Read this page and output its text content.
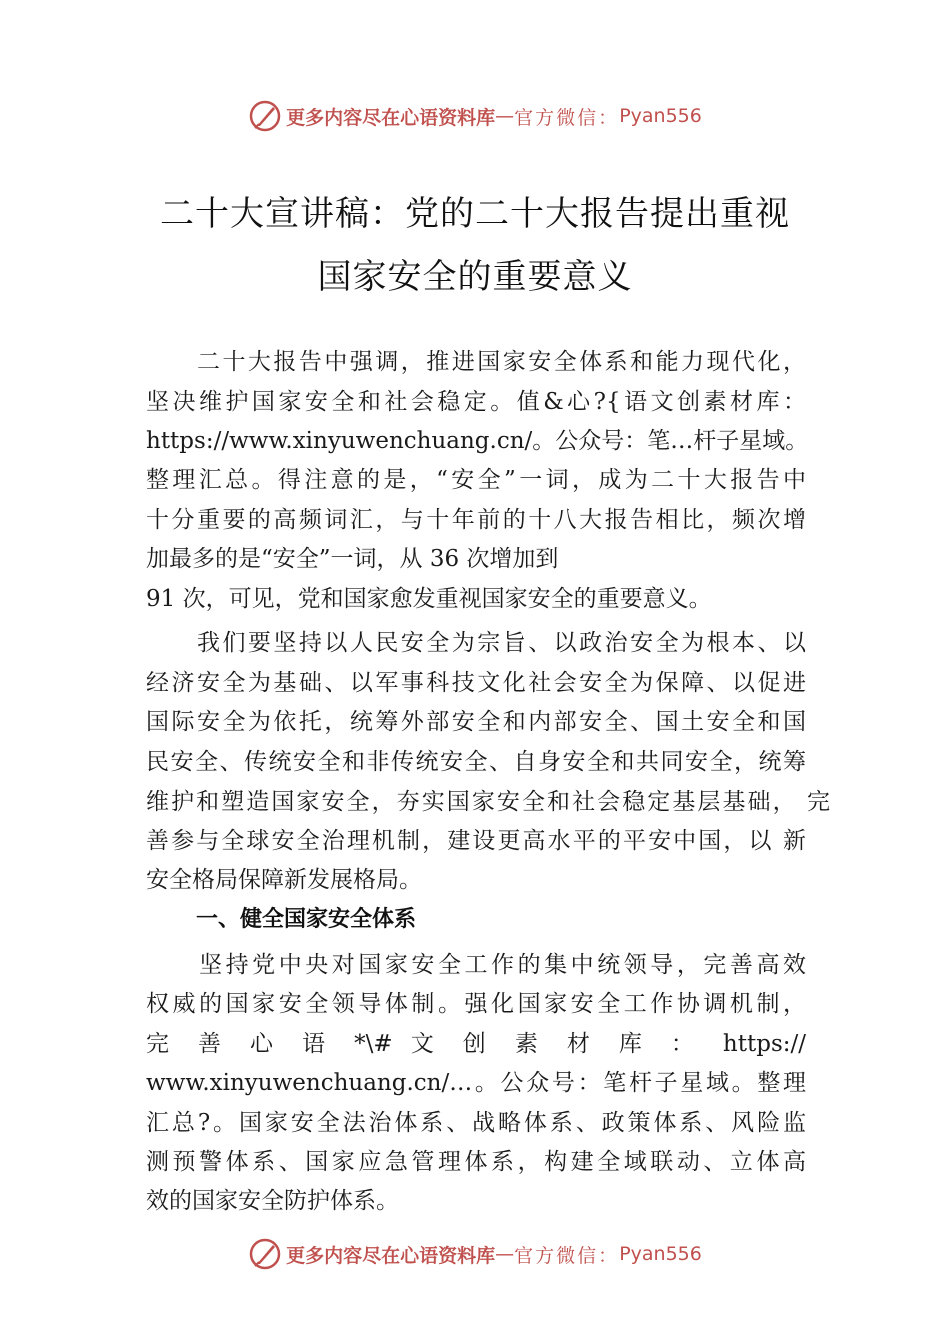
更多内容尽在心语资料库 — 官方微信： Pyan556
二十大宣讲稿：党的二十大报告提出重视
国家安全的重要意义
　　二十大报告中强调，推进国家安全体系和能力现代化，
坚决维护国家安全和社会稳定。值&心?{语文创素材库：
https://www.xinyuwenchuang.cn/。公众号：笔…杆子星域。
整理汇总。得注意的是，“安全”一词，成为二十大报告中
十分重要的高频词汇，与十年前的十八大报告相比，频次增
加最多的是“安全”一词，从 36 次增加到
91 次，可见，党和国家愈发重视国家安全的重要意义。
　　我们要坚持以人民安全为宗旨、以政治安全为根本、以
经济安全为基础、以军事科技文化社会安全为保障、以促进
国际安全为依托，统筹外部安全和内部安全、国土安全和国
民安全、传统安全和非传统安全、自身安全和共同安全，统筹
维护和塑造国家安全，夯实国家安全和社会稳定基层基础， 完
善参与全球安全治理机制，建设更高水平的平安中国，以 新
安全格局保障新发展格局。
一、健全国家安全体系
　　坚持党中央对国家安全工作的集中统领导，完善高效
权威的国家安全领导体制。强化国家安全工作协调机制，
完 善 心 语 *\# 文 创 素 材 库 ： https://
www.xinyuwenchuang.cn/…。公众号：笔杆子星域。整理
汇总?。国家安全法治体系、战略体系、政策体系、风险监
测预警体系、国家应急管理体系，构建全域联动、立体高
效的国家安全防护体系。
更多内容尽在心语资料库 — 官方微信： Pyan556
